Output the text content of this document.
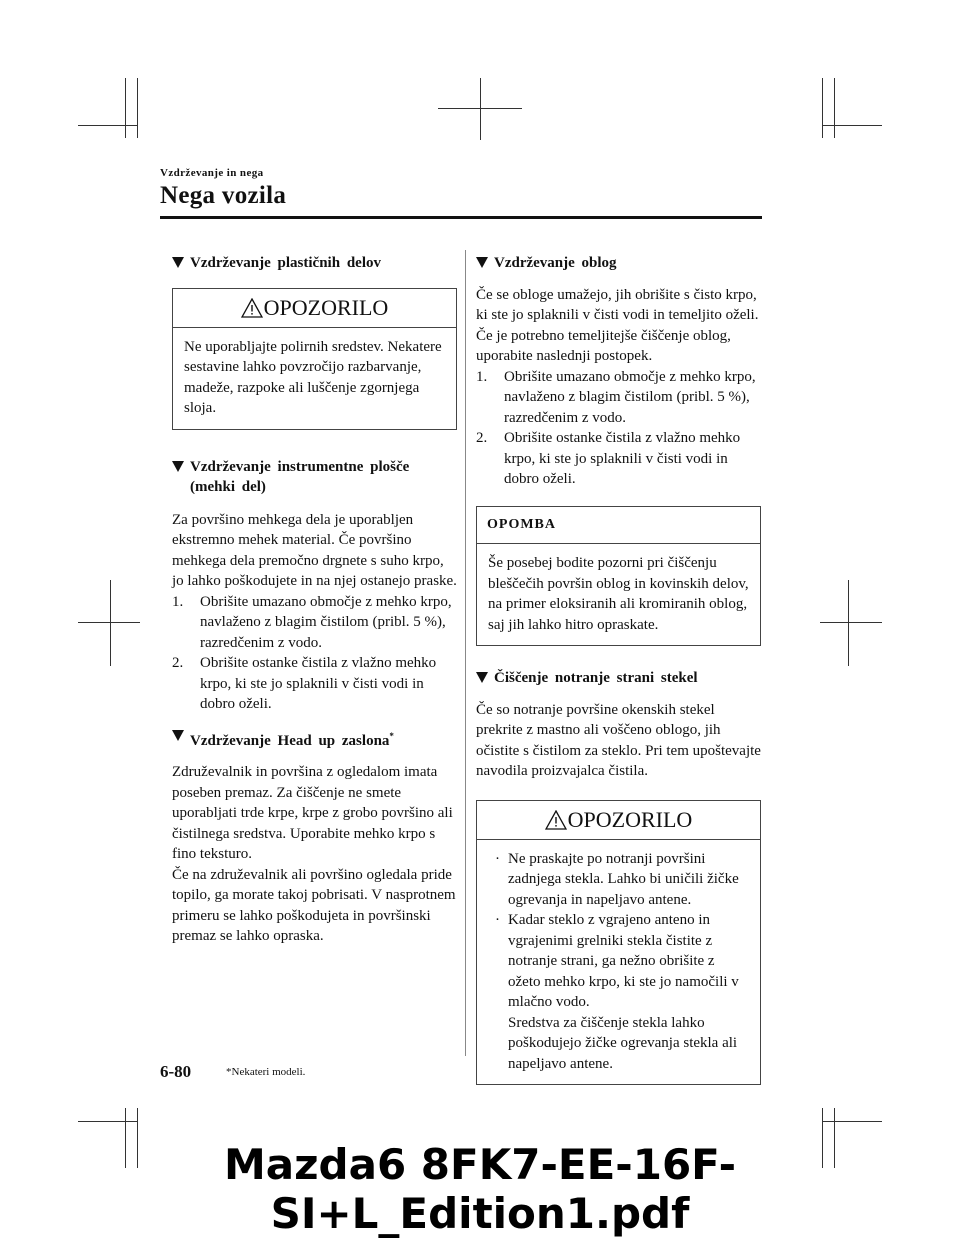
Vzdrževanje in nega
Nega vozila
Vzdrževanje plastičnih delov
OPOZORILO
Ne uporabljajte polirnih sredstev. Nekatere sestavine lahko povzročijo razbarvanje, madeže, razpoke ali luščenje zgornjega sloja.
Vzdrževanje instrumentne plošče
(mehki del)

Za površino mehkega dela je uporabljen ekstremno mehek material. Če površino mehkega dela premočno drgnete s suho krpo, jo lahko poškodujete in na njej ostanejo praske.

1. Obrišite umazano območje z mehko krpo, navlaženo z blagim čistilom (pribl. 5 %), razredčenim z vodo.
2. Obrišite ostanke čistila z vlažno mehko krpo, ki ste jo splaknili v čisti vodi in dobro oželi.
Vzdrževanje Head up zaslona*

Združevalnik in površina z ogledalom imata poseben premaz. Za čiščenje ne smete uporabljati trde krpe, krpe z grobo površino ali čistilnega sredstva. Uporabite mehko krpo s fino teksturo.

Če na združevalnik ali površino ogledala pride topilo, ga morate takoj pobrisati. V nasprotnem primeru se lahko poškodujeta in površinski premaz se lahko opraska.

Vzdrževanje oblog

Če se obloge umažejo, jih obrišite s čisto krpo, ki ste jo splaknili v čisti vodi in temeljito oželi.

Če je potrebno temeljitejše čiščenje oblog, uporabite naslednji postopek.

1. Obrišite umazano območje z mehko krpo, navlaženo z blagim čistilom (pribl. 5 %), razredčenim z vodo.
2. Obrišite ostanke čistila z vlažno mehko krpo, ki ste jo splaknili v čisti vodi in dobro oželi.
OPOMBA
Še posebej bodite pozorni pri čiščenju bleščečih površin oblog in kovinskih delov, na primer eloksiranih ali kromiranih oblog, saj jih lahko hitro opraskate.
Čiščenje notranje strani stekel

Če so notranje površine okenskih stekel prekrite z mastno ali voščeno oblogo, jih očistite s čistilom za steklo. Pri tem upoštevajte navodila proizvajalca čistila.

OPOZORILO
· Ne praskajte po notranji površini zadnjega stekla. Lahko bi uničili žičke ogrevanja in napeljavo antene.
· Kadar steklo z vgrajeno anteno in vgrajenimi grelniki stekla čistite z notranje strani, ga nežno obrišite z ožeto mehko krpo, ki ste jo namočili v mlačno vodo.
Sredstva za čiščenje stekla lahko poškodujejo žičke ogrevanja stekla ali napeljavo antene.
6-80	*Nekateri modeli.
Mazda6 8FK7-EE-16F-SI+L_Edition1.pdf
